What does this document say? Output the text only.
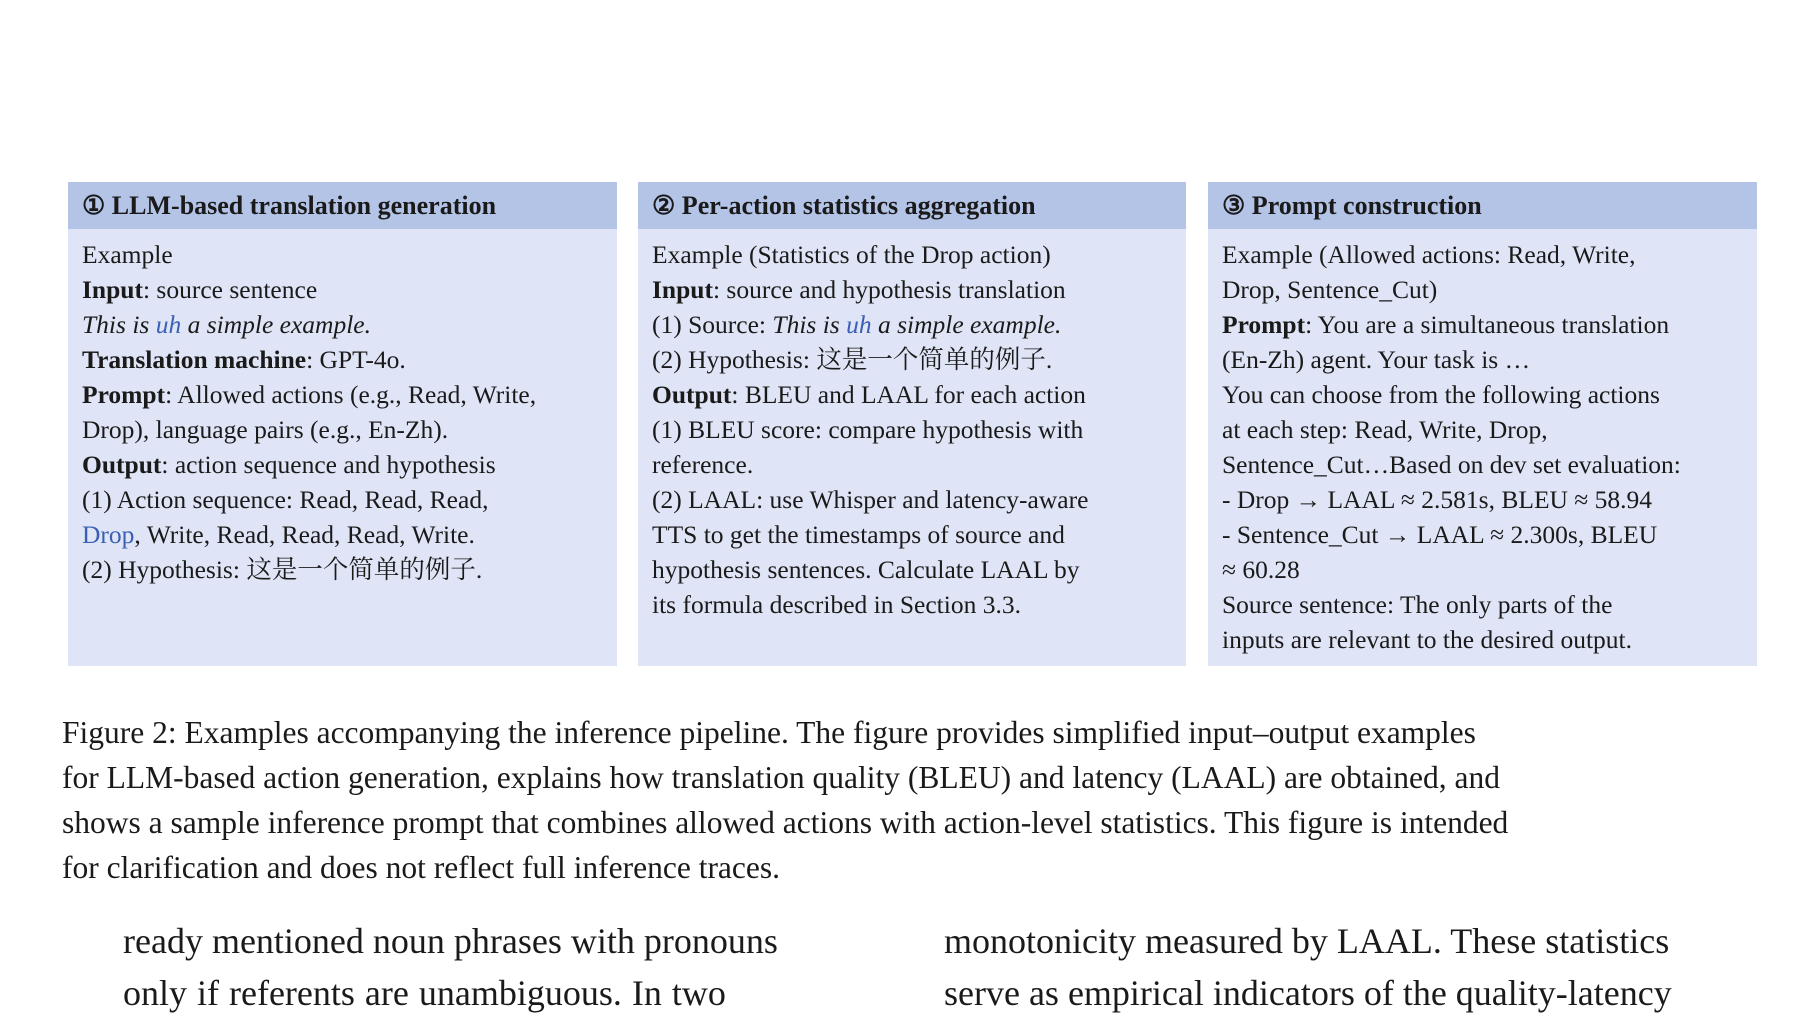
① LLM-based translation generation
Example
Input: source sentence
This is uh a simple example.
Translation machine: GPT-4o.
Prompt: Allowed actions (e.g., Read, Write,
Drop), language pairs (e.g., En-Zh).
Output: action sequence and hypothesis
(1) Action sequence: Read, Read, Read,
Drop, Write, Read, Read, Read, Write.
(2) Hypothesis: 这是一个简单的例子.
② Per-action statistics aggregation
Example (Statistics of the Drop action)
Input: source and hypothesis translation
(1) Source: This is uh a simple example.
(2) Hypothesis: 这是一个简单的例子.
Output: BLEU and LAAL for each action
(1) BLEU score: compare hypothesis with
reference.
(2) LAAL: use Whisper and latency-aware
TTS to get the timestamps of source and
hypothesis sentences. Calculate LAAL by
its formula described in Section 3.3.
③ Prompt construction
Example (Allowed actions: Read, Write,
Drop, Sentence_Cut)
Prompt: You are a simultaneous translation
(En-Zh) agent. Your task is …
You can choose from the following actions
at each step: Read, Write, Drop,
Sentence_Cut…Based on dev set evaluation:
- Drop → LAAL ≈ 2.581s, BLEU ≈ 58.94
- Sentence_Cut → LAAL ≈ 2.300s, BLEU
≈ 60.28
Source sentence: The only parts of the
inputs are relevant to the desired output.
Figure 2: Examples accompanying the inference pipeline. The figure provides simplified input–output examples
for LLM-based action generation, explains how translation quality (BLEU) and latency (LAAL) are obtained, and
shows a sample inference prompt that combines allowed actions with action-level statistics. This figure is intended
for clarification and does not reflect full inference traces.
ready mentioned noun phrases with pronouns
only if referents are unambiguous. In two
monotonicity measured by LAAL. These statistics
serve as empirical indicators of the quality-latency
